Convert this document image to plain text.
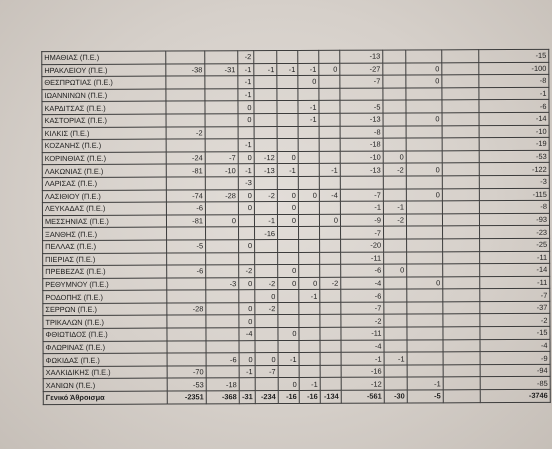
ΗΜΑΘΙΑΣ (Π.Ε.)			-2					-13				-15
ΗΡΑΚΛΕΙΟΥ (Π.Ε.)	-38	-31	-1	-1	-1	-1	0	-27		0		-100
ΘΕΣΠΡΩΤΙΑΣ (Π.Ε.)			-1			0		-7		0		-8
ΙΩΑΝΝΙΝΩΝ (Π.Ε.)			-1									-1
ΚΑΡΔΙΤΣΑΣ (Π.Ε.)			0			-1		-5				-6
ΚΑΣΤΟΡΙΑΣ (Π.Ε.)			0			-1		-13		0		-14
ΚΙΛΚΙΣ (Π.Ε.)	-2							-8				-10
ΚΟΖΑΝΗΣ (Π.Ε.)			-1					-18				-19
ΚΟΡΙΝΘΙΑΣ (Π.Ε.)	-24	-7	0	-12	0			-10	0			-53
ΛΑΚΩΝΙΑΣ (Π.Ε.)	-81	-10	-1	-13	-1		-1	-13	-2	0		-122
ΛΑΡΙΣΑΣ (Π.Ε.)			-3									-3
ΛΑΣΙΘΙΟΥ (Π.Ε.)	-74	-28	0	-2	0	0	-4	-7		0		-115
ΛΕΥΚΑΔΑΣ (Π.Ε.)	-6		0		0			-1	-1			-8
ΜΕΣΣΗΝΙΑΣ (Π.Ε.)	-81	0		-1	0		0	-9	-2			-93
ΞΑΝΘΗΣ (Π.Ε.)				-16				-7				-23
ΠΕΛΛΑΣ (Π.Ε.)	-5		0					-20				-25
ΠΙΕΡΙΑΣ (Π.Ε.)								-11				-11
ΠΡΕΒΕΖΑΣ (Π.Ε.)	-6		-2		0			-6	0			-14
ΡΕΘΥΜΝΟΥ (Π.Ε.)		-3	0	-2	0	0	-2	-4		0		-11
ΡΟΔΟΠΗΣ (Π.Ε.)				0		-1		-6				-7
ΣΕΡΡΩΝ (Π.Ε.)	-28		0	-2				-7				-37
ΤΡΙΚΑΛΩΝ (Π.Ε.)			0					-2				-2
ΦΘΙΩΤΙΔΟΣ (Π.Ε.)			-4		0			-11				-15
ΦΛΩΡΙΝΑΣ (Π.Ε.)								-4				-4
ΦΩΚΙΔΑΣ (Π.Ε.)		-6	0	0	-1			-1	-1			-9
ΧΑΛΚΙΔΙΚΗΣ (Π.Ε.)	-70		-1	-7				-16				-94
ΧΑΝΙΩΝ (Π.Ε.)	-53	-18			0	-1		-12		-1		-85
Γενικό Άθροισμα	-2351	-368	-31	-234	-16	-16	-134	-561	-30	-5		-3746
